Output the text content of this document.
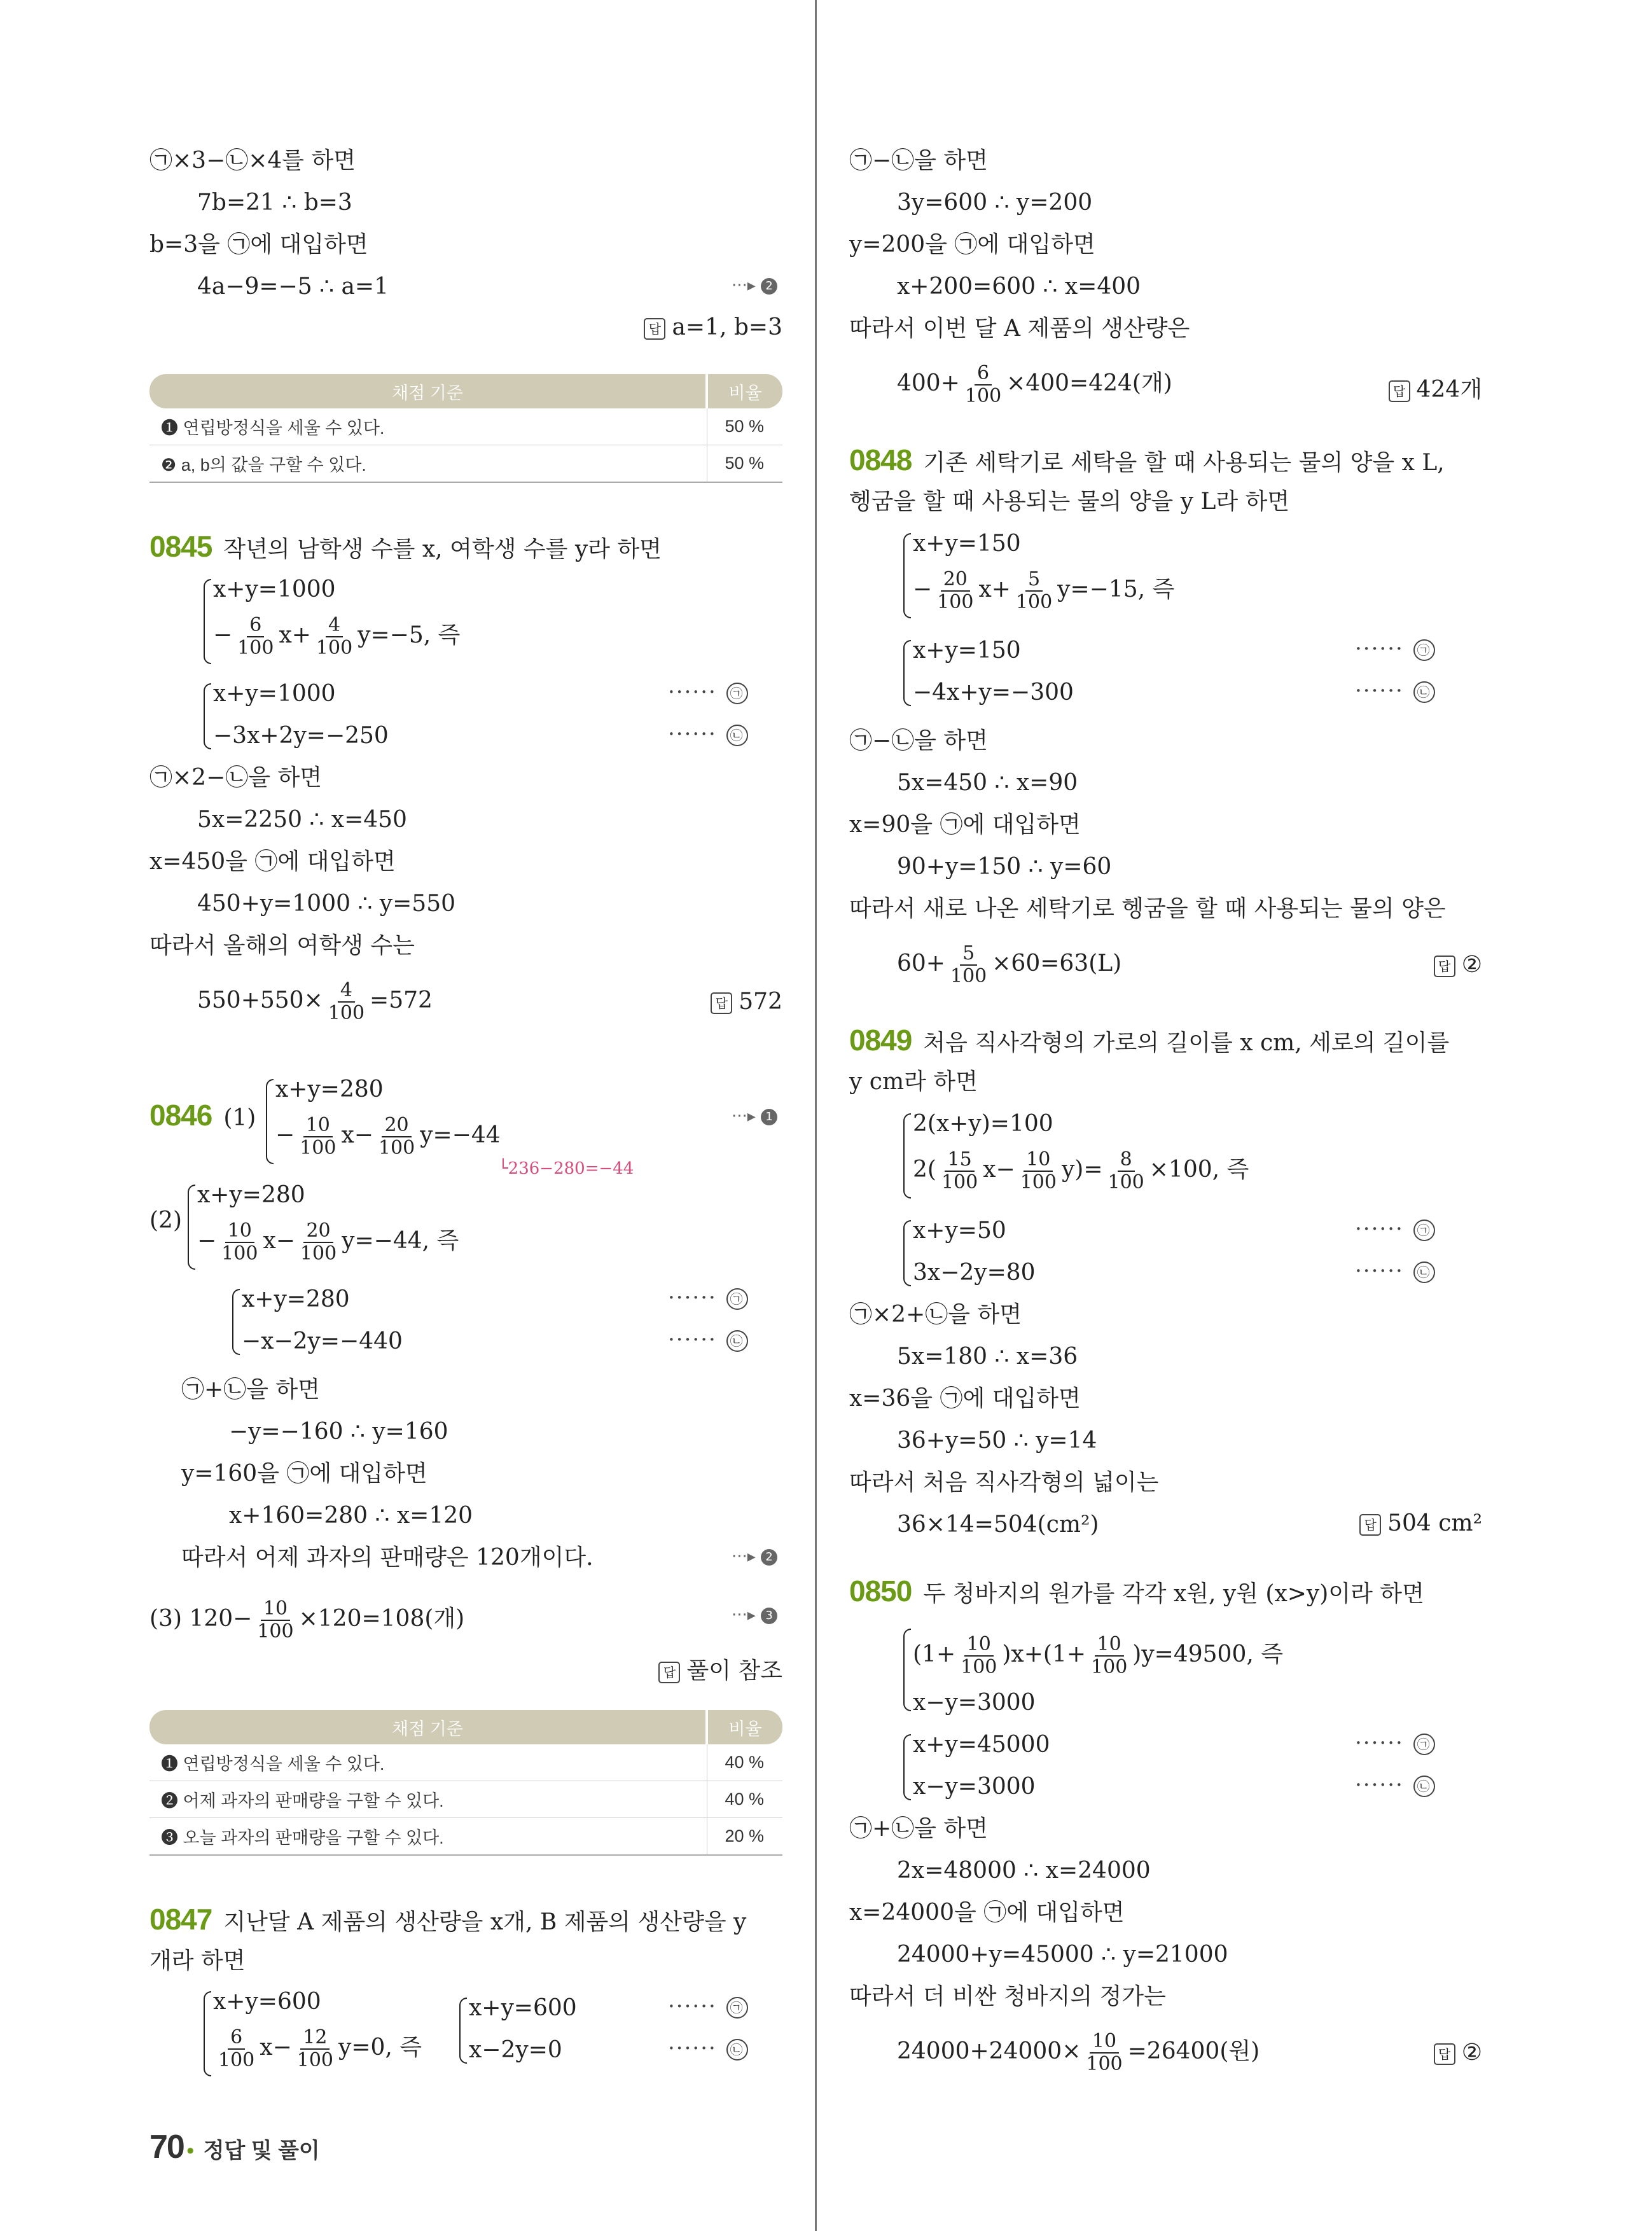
㉠×3−㉡×4를 하면
7b=21 ∴ b=3
b=3을 ㉠에 대입하면
4a−9=−5 ∴ a=1	···▸ 2
답 a=1, b=3
채점 기준	비율
❶ 연립방정식을 세울 수 있다.	50 %
❷ a, b의 값을 구할 수 있다.	50 %
0845 작년의 남학생 수를 x, 여학생 수를 y라 하면
x+y=1000
− $\frac{6}{100} x+ \frac{4}{100} y=-5$, 즉
x+y=1000
−3x+2y=−250
······ ㉠
······ ㉡
㉠×2−㉡을 하면
5x=2250 ∴ x=450
x=450을 ㉠에 대입하면
450+y=1000 ∴ y=550
따라서 올해의 여학생 수는
$550+550\times \frac{4}{100} =572$	답 572
0846 (1)
x+y=280
− $\frac{10}{100} x- \frac{20}{100} y=-44$
└236−280=−44
···▸ 1
(2)
x+y=280
− $\frac{10}{100} x- \frac{20}{100} y=-44$, 즉
x+y=280
−x−2y=−440
······ ㉠
······ ㉡
㉠+㉡을 하면
−y=−160 ∴ y=160
y=160을 ㉠에 대입하면
x+160=280 ∴ x=120
따라서 어제 과자의 판매량은 120개이다.	···▸ 2
(3) $120- \frac{10}{100} \times 120=108$(개)	···▸ 3
답 풀이 참조
채점 기준	비율
❶ 연립방정식을 세울 수 있다.	40 %
❷ 어제 과자의 판매량을 구할 수 있다.	40 %
❸ 오늘 과자의 판매량을 구할 수 있다.	20 %
0847 지난달 A 제품의 생산량을 x개, B 제품의 생산량을 y
개라 하면
x+y=600
$\frac{6}{100} x- \frac{12}{100} y=0$, 즉
x+y=600
x−2y=0
······ ㉠
······ ㉡
㉠−㉡을 하면
3y=600 ∴ y=200
y=200을 ㉠에 대입하면
x+200=600 ∴ x=400
따라서 이번 달 A 제품의 생산량은
$400+ \frac{6}{100} \times 400=424$(개)	답 424개
0848 기존 세탁기로 세탁을 할 때 사용되는 물의 양을 x L,
헹굼을 할 때 사용되는 물의 양을 y L라 하면
x+y=150
− $\frac{20}{100} x+ \frac{5}{100} y=-15$, 즉
x+y=150
−4x+y=−300
······ ㉠
······ ㉡
㉠−㉡을 하면
5x=450 ∴ x=90
x=90을 ㉠에 대입하면
90+y=150 ∴ y=60
따라서 새로 나온 세탁기로 헹굼을 할 때 사용되는 물의 양은
$60+ \frac{5}{100} \times 60=63(L)$	답 ②
0849 처음 직사각형의 가로의 길이를 x cm, 세로의 길이를
y cm라 하면
2(x+y)=100
$2( \frac{15}{100} x- \frac{10}{100} y)= \frac{8}{100} \times 100$, 즉
x+y=50
3x−2y=80
······ ㉠
······ ㉡
㉠×2+㉡을 하면
5x=180 ∴ x=36
x=36을 ㉠에 대입하면
36+y=50 ∴ y=14
따라서 처음 직사각형의 넓이는
36×14=504(cm²)	답 504 cm²
0850 두 청바지의 원가를 각각 x원, y원 (x>y)이라 하면
$(1+ \frac{10}{100} )x+(1+ \frac{10}{100} )y=49500$, 즉
x−y=3000
x+y=45000
x−y=3000
······ ㉠
······ ㉡
㉠+㉡을 하면
2x=48000 ∴ x=24000
x=24000을 ㉠에 대입하면
24000+y=45000 ∴ y=21000
따라서 더 비싼 청바지의 정가는
$24000+24000\times \frac{10}{100} =26400$(원)	답 ②
70 • 정답 및 풀이
